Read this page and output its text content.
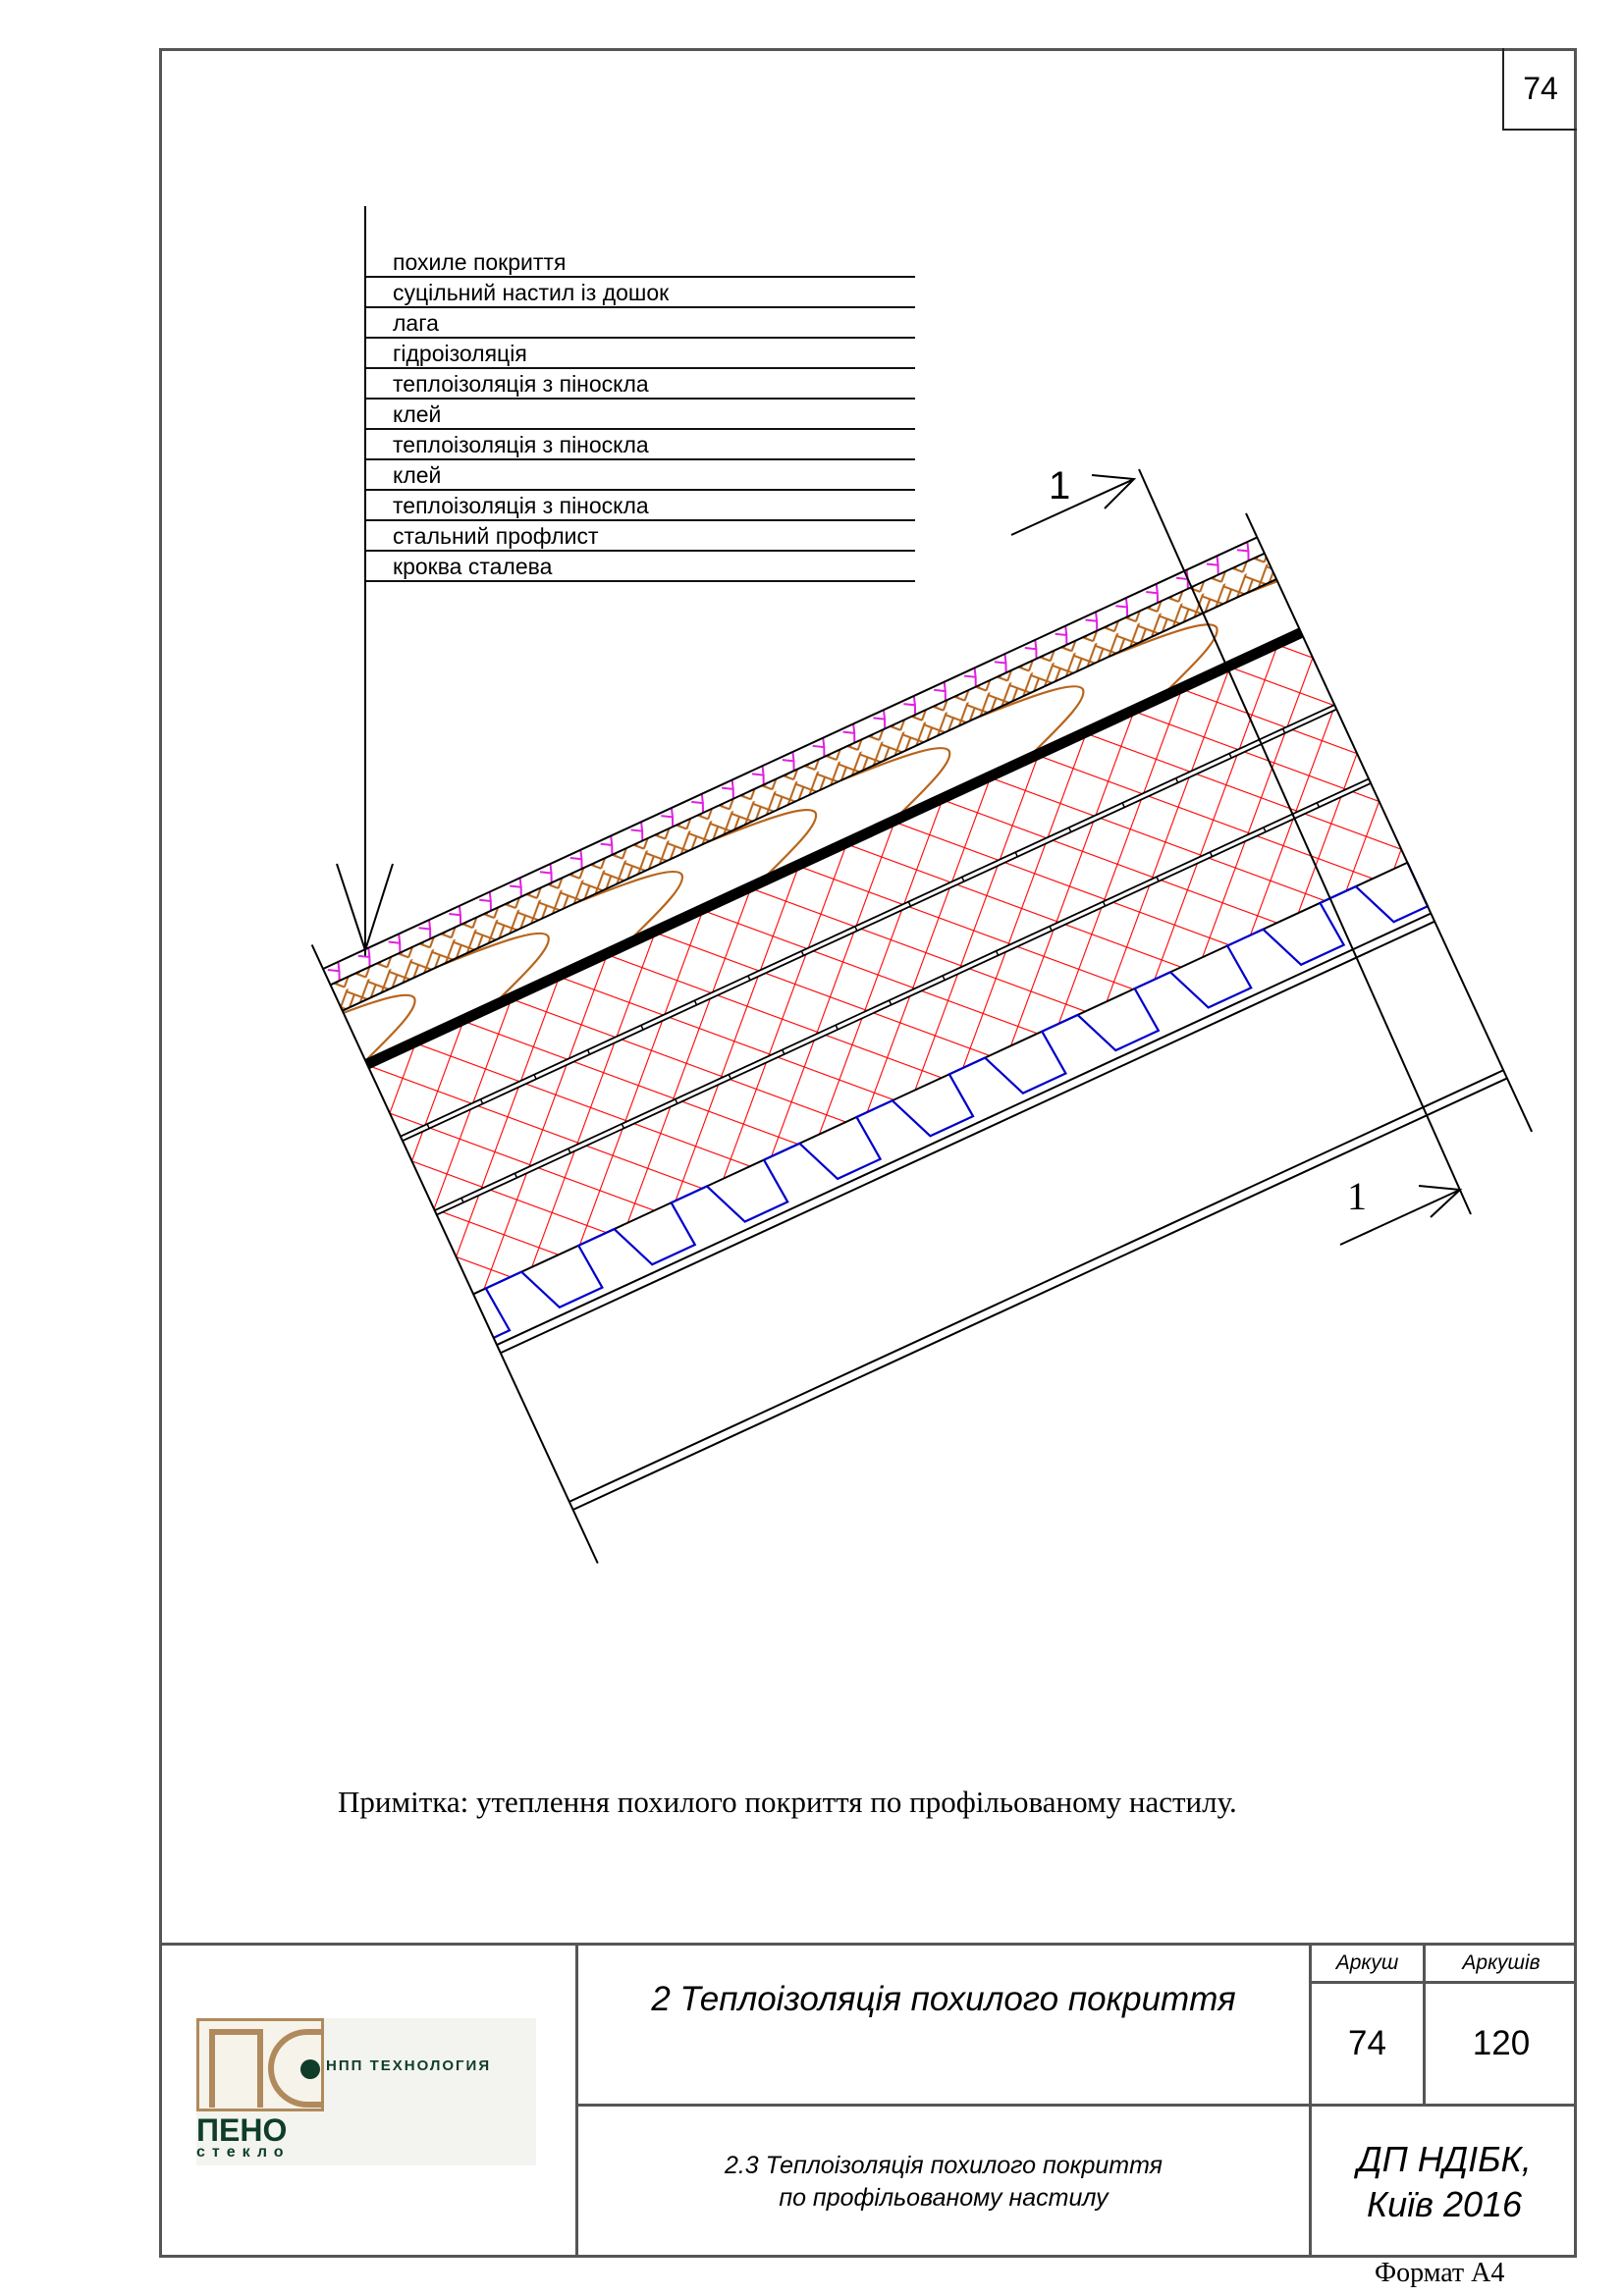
74
похиле покриття
суцільний настил із дошок
лага
гідроізоляція
теплоізоляція з піноскла
клей
теплоізоляція з піноскла
клей
теплоізоляція з піноскла
стальний профлист
кроква сталева
1
1
Примітка: утеплення похилого покриття по профільованому настилу.
НПП ТЕХНОЛОГИЯ
ПЕНО
стекло
2 Теплоізоляція похилого покриття
2.3 Теплоізоляція похилого покриття
по профільованому настилу
Аркуш	Аркушів
74	120
ДП НДІБК,
Київ 2016
Формат А4
